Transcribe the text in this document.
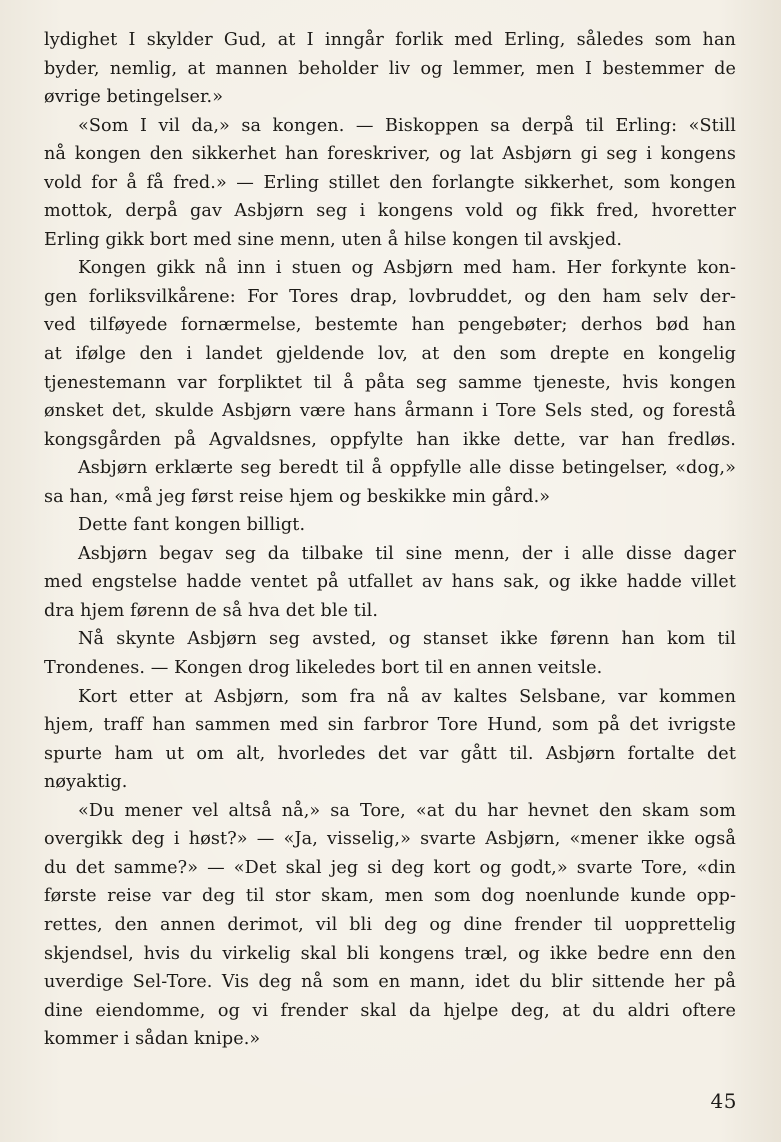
lydighet I skylder Gud, at I inngår forlik med Erling, således som han
byder, nemlig, at mannen beholder liv og lemmer, men I bestemmer de
øvrige betingelser.»
«Som I vil da,» sa kongen. — Biskoppen sa derpå til Erling: «Still
nå kongen den sikkerhet han foreskriver, og lat Asbjørn gi seg i kongens
vold for å få fred.» — Erling stillet den forlangte sikkerhet, som kongen
mottok, derpå gav Asbjørn seg i kongens vold og fikk fred, hvoretter
Erling gikk bort med sine menn, uten å hilse kongen til avskjed.
Kongen gikk nå inn i stuen og Asbjørn med ham. Her forkynte kon-
gen forliksvilkårene: For Tores drap, lovbruddet, og den ham selv der-
ved tilføyede fornærmelse, bestemte han pengebøter; derhos bød han
at ifølge den i landet gjeldende lov, at den som drepte en kongelig
tjenestemann var forpliktet til å påta seg samme tjeneste, hvis kongen
ønsket det, skulde Asbjørn være hans årmann i Tore Sels sted, og forestå
kongsgården på Agvaldsnes, oppfylte han ikke dette, var han fredløs.
Asbjørn erklærte seg beredt til å oppfylle alle disse betingelser, «dog,»
sa han, «må jeg først reise hjem og beskikke min gård.»
Dette fant kongen billigt.
Asbjørn begav seg da tilbake til sine menn, der i alle disse dager
med engstelse hadde ventet på utfallet av hans sak, og ikke hadde villet
dra hjem førenn de så hva det ble til.
Nå skynte Asbjørn seg avsted, og stanset ikke førenn han kom til
Trondenes. — Kongen drog likeledes bort til en annen veitsle.
Kort etter at Asbjørn, som fra nå av kaltes Selsbane, var kommen
hjem, traff han sammen med sin farbror Tore Hund, som på det ivrigste
spurte ham ut om alt, hvorledes det var gått til. Asbjørn fortalte det
nøyaktig.
«Du mener vel altså nå,» sa Tore, «at du har hevnet den skam som
overgikk deg i høst?» — «Ja, visselig,» svarte Asbjørn, «mener ikke også
du det samme?» — «Det skal jeg si deg kort og godt,» svarte Tore, «din
første reise var deg til stor skam, men som dog noenlunde kunde opp-
rettes, den annen derimot, vil bli deg og dine frender til uopprettelig
skjendsel, hvis du virkelig skal bli kongens træl, og ikke bedre enn den
uverdige Sel-Tore. Vis deg nå som en mann, idet du blir sittende her på
dine eiendomme, og vi frender skal da hjelpe deg, at du aldri oftere
kommer i sådan knipe.»
45
